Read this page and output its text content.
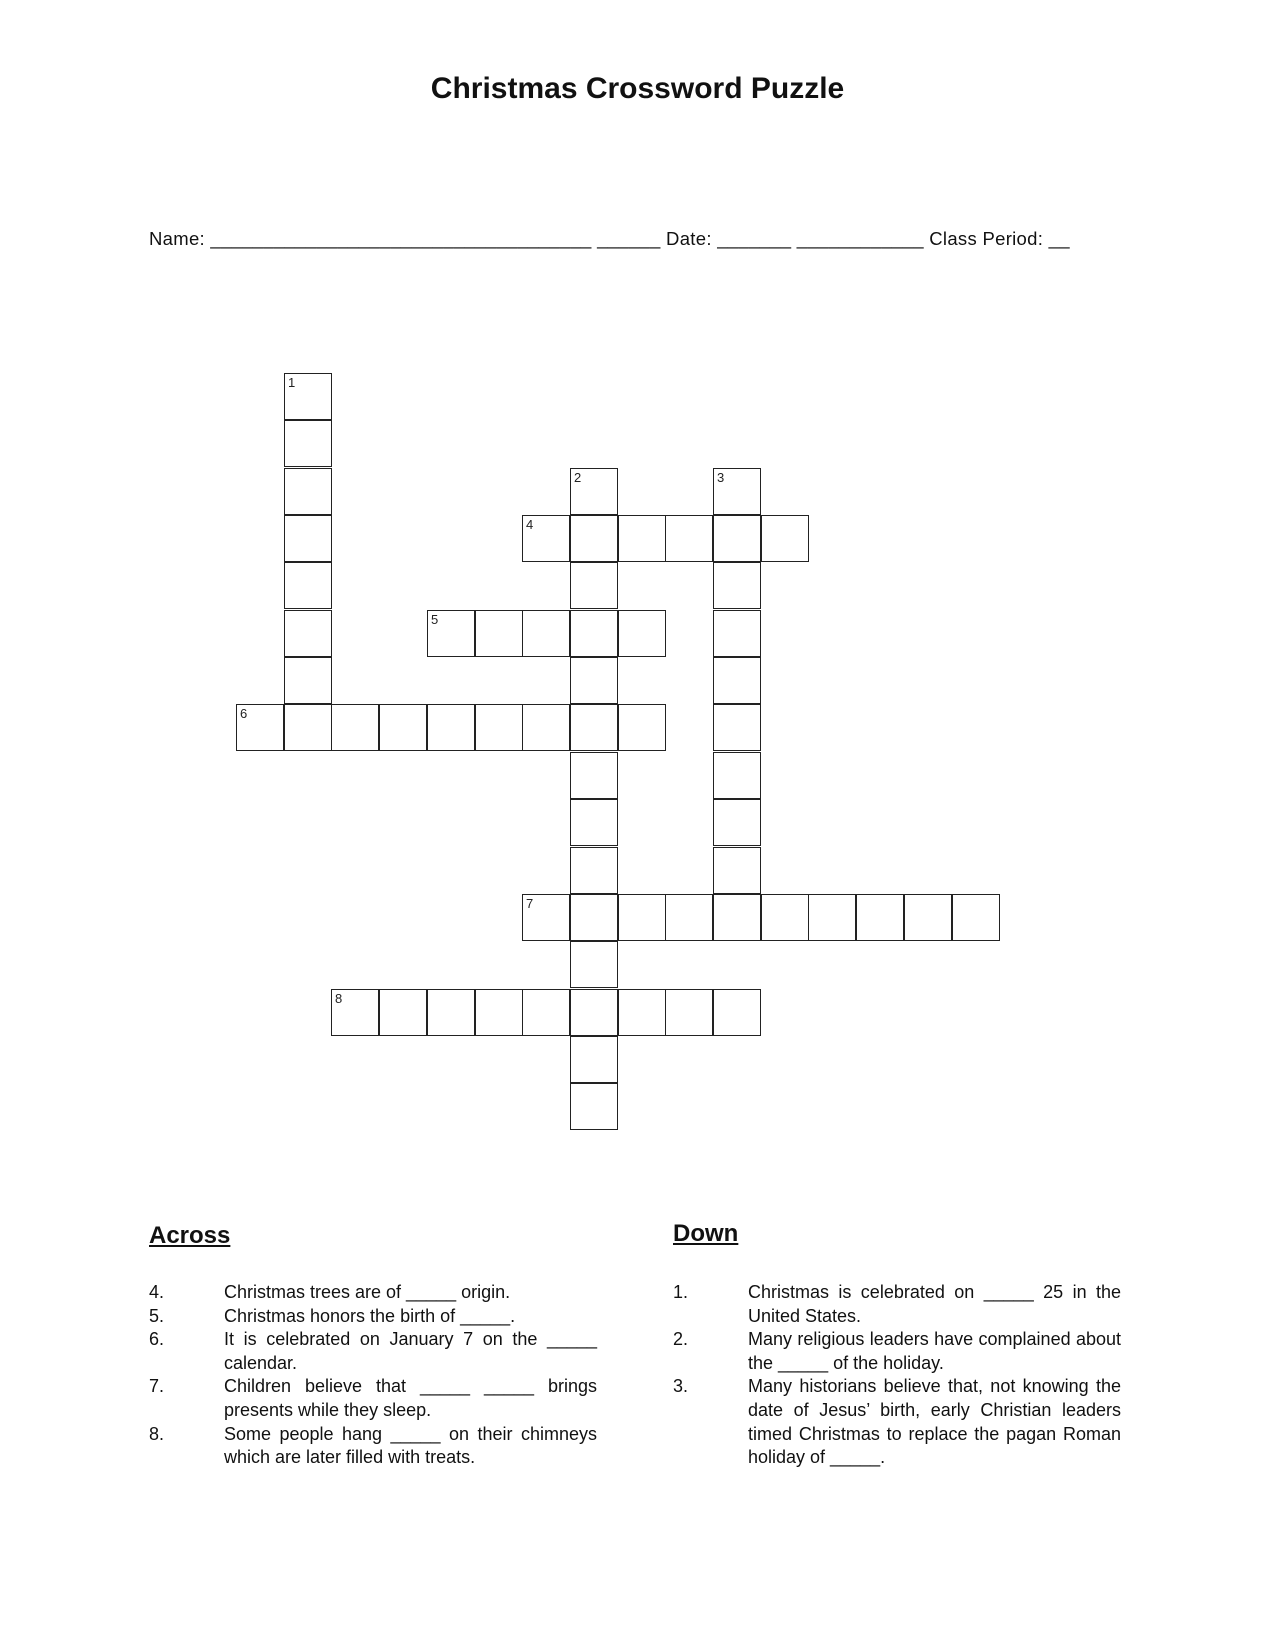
Christmas Crossword Puzzle
Name: ____________________________________ ______ Date: _______ ____________ Class Period: __
1
2	3
4
5
6
7
8
Across
4.	Christmas trees are of _____ origin.
5.	Christmas honors the birth of _____.
6.	It is celebrated on January 7 on the _____ calendar.
7.	Children believe that _____ _____ brings presents while they sleep.
8.	Some people hang _____ on their chimneys which are later filled with treats.
Down
1.	Christmas is celebrated on _____ 25 in the United States.
2.	Many religious leaders have complained about the _____ of the holiday.
3.	Many historians believe that, not knowing the date of Jesus’ birth, early Christian leaders timed Christmas to replace the pagan Roman holiday of _____.
